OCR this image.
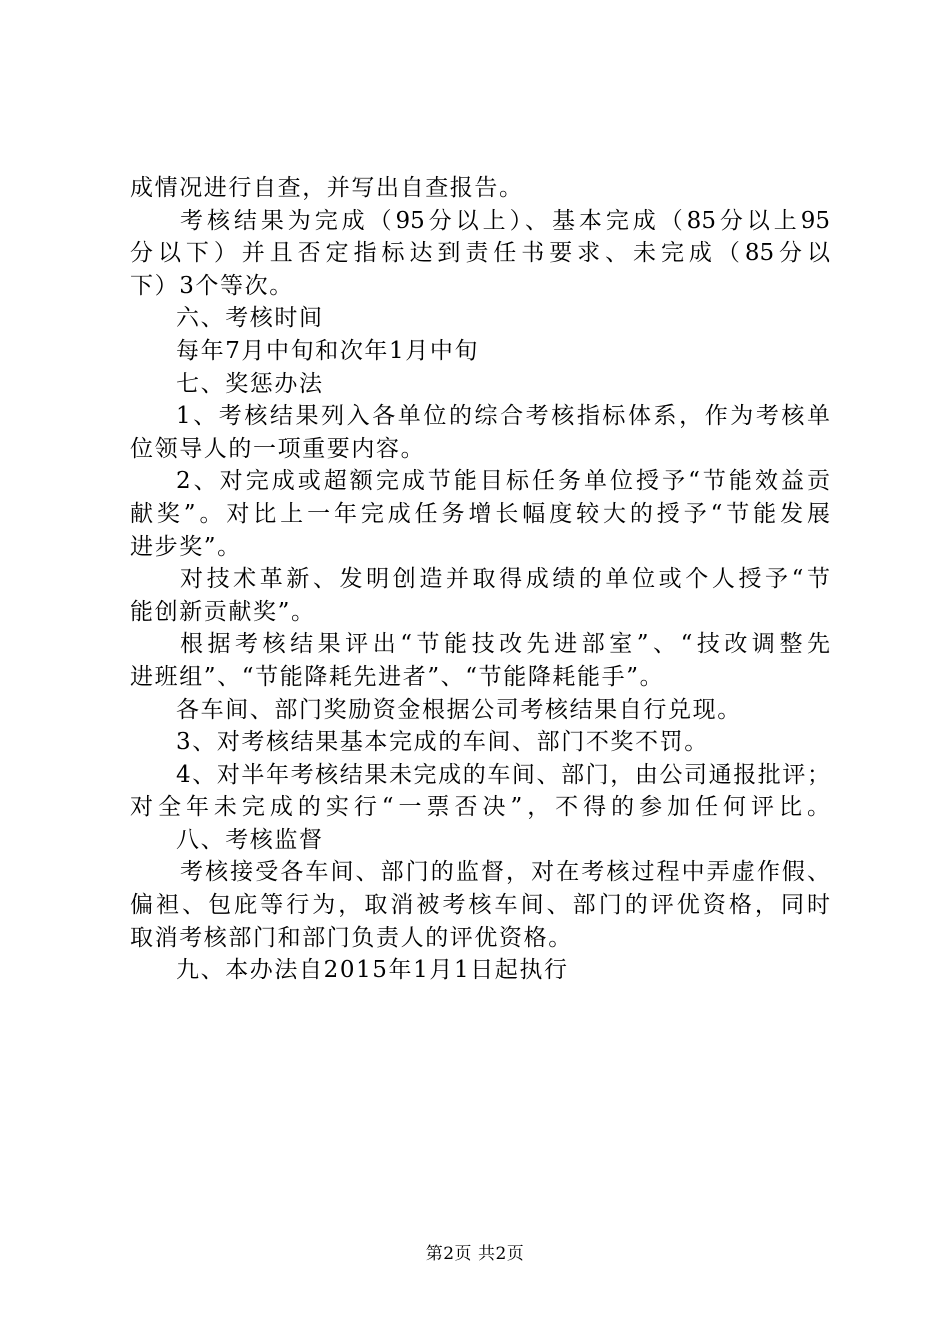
成情况进行自查，并写出自查报告。
考核结果为完成（95分以上）、基本完成（85分以上95
分以下）并且否定指标达到责任书要求、未完成（85分以
下）3个等次。
六、考核时间
每年7月中旬和次年1月中旬
七、奖惩办法
1、考核结果列入各单位的综合考核指标体系，作为考核单
位领导人的一项重要内容。
2、对完成或超额完成节能目标任务单位授予“节能效益贡
献奖”。对比上一年完成任务增长幅度较大的授予“节能发展
进步奖”。
对技术革新、发明创造并取得成绩的单位或个人授予“节
能创新贡献奖”。
根据考核结果评出“节能技改先进部室”、“技改调整先
进班组”、“节能降耗先进者”、“节能降耗能手”。
各车间、部门奖励资金根据公司考核结果自行兑现。
3、对考核结果基本完成的车间、部门不奖不罚。
4、对半年考核结果未完成的车间、部门，由公司通报批评；
对全年未完成的实行“一票否决”，不得的参加任何评比。
八、考核监督
考核接受各车间、部门的监督，对在考核过程中弄虚作假、
偏袒、包庇等行为，取消被考核车间、部门的评优资格，同时
取消考核部门和部门负责人的评优资格。
九、本办法自2015年1月1日起执行
第2页 共2页
